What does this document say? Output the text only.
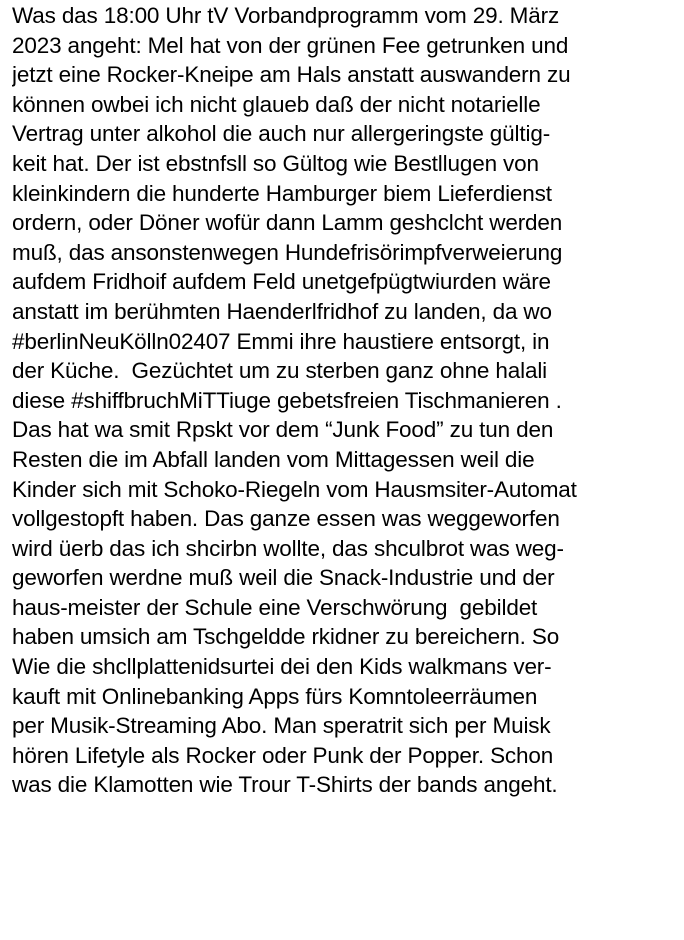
Was das 18:00 Uhr tV Vorbandprogramm vom 29. März
2023 angeht: Mel hat von der grünen Fee getrunken und
jetzt eine Rocker-Kneipe am Hals anstatt auswandern zu
können owbei ich nicht glaueb daß der nicht notarielle
Vertrag unter alkohol die auch nur allergeringste gültig-
keit hat. Der ist ebstnfsll so Gültog wie Bestllugen von
kleinkindern die hunderte Hamburger biem Lieferdienst
ordern, oder Döner wofür dann Lamm geshclcht werden
muß, das ansonstenwegen Hundefrisörimpfverweierung
aufdem Fridhoif aufdem Feld unetgefpügtwiurden wäre
anstatt im berühmten Haenderlfridhof zu landen, da wo
#berlinNeuKölln02407 Emmi ihre haustiere entsorgt, in
der Küche.  Gezüchtet um zu sterben ganz ohne halali
diese #shiffbruchMiTTiuge gebetsfreien Tischmanieren .
Das hat wa smit Rpskt vor dem “Junk Food” zu tun den
Resten die im Abfall landen vom Mittagessen weil die
Kinder sich mit Schoko-Riegeln vom Hausmsiter-Automat
vollgestopft haben. Das ganze essen was weggeworfen
wird üerb das ich shcirbn wollte, das shculbrot was weg-
geworfen werdne muß weil die Snack-Industrie und der
haus-meister der Schule eine Verschwörung  gebildet
haben umsich am Tschgeldde rkidner zu bereichern. So
Wie die shcllplattenidsurtei dei den Kids walkmans ver-
kauft mit Onlinebanking Apps fürs Komntoleerräumen
per Musik-Streaming Abo. Man speratrit sich per Muisk
hören Lifetyle als Rocker oder Punk der Popper. Schon
was die Klamotten wie Trour T-Shirts der bands angeht.
